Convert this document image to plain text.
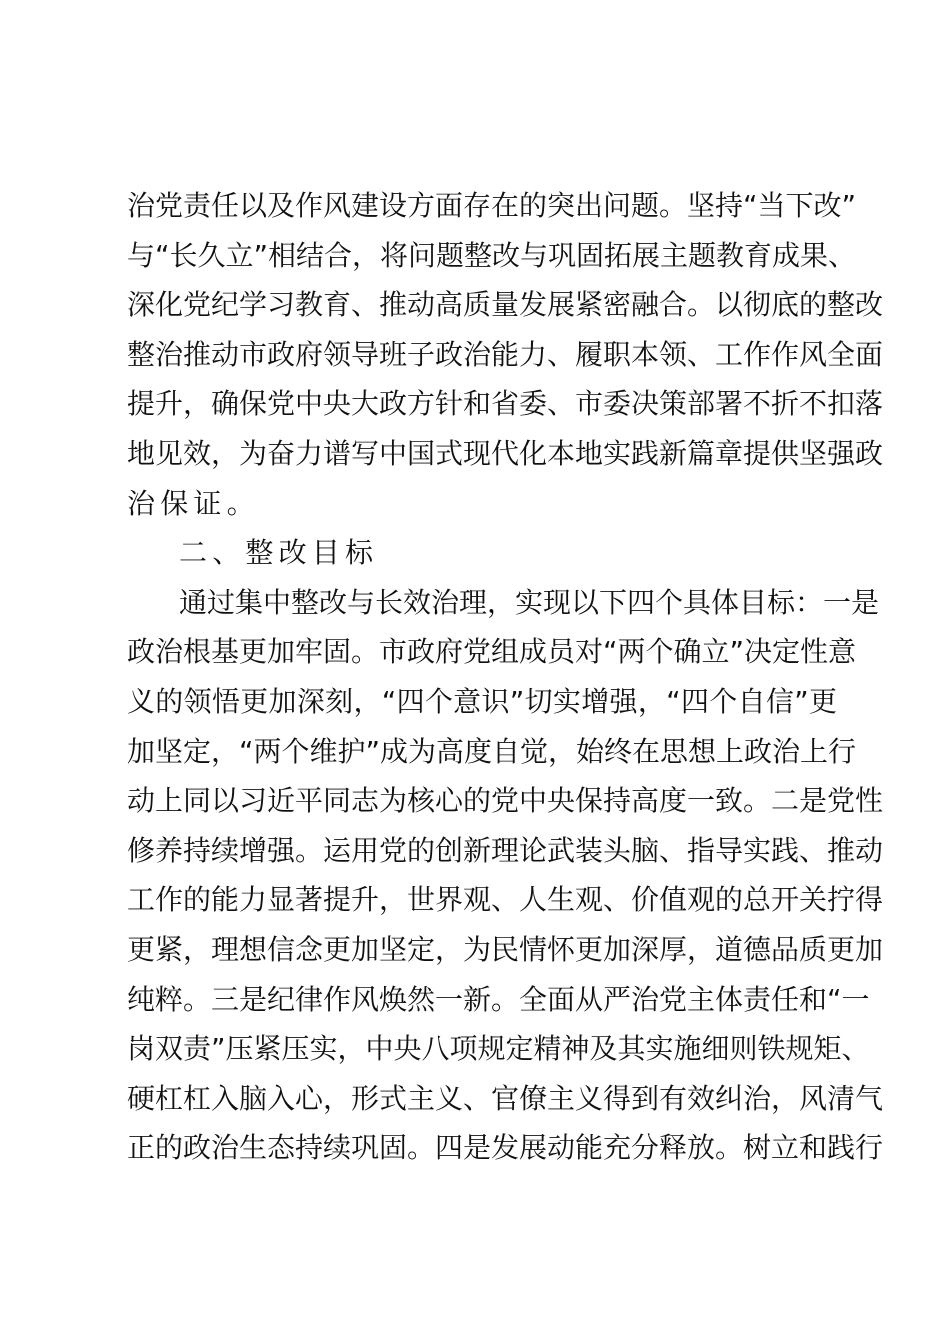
治党责任以及作风建设方面存在的突出问题。坚持“当下改”
与“长久立”相结合，将问题整改与巩固拓展主题教育成果、
深化党纪学习教育、推动高质量发展紧密融合。以彻底的整改
整治推动市政府领导班子政治能力、履职本领、工作作风全面
提升，确保党中央大政方针和省委、市委决策部署不折不扣落
地见效，为奋力谱写中国式现代化本地实践新篇章提供坚强政
治保证。
二、整改目标
通过集中整改与长效治理，实现以下四个具体目标：一是
政治根基更加牢固。市政府党组成员对“两个确立”决定性意
义的领悟更加深刻，“四个意识”切实增强，“四个自信”更
加坚定，“两个维护”成为高度自觉，始终在思想上政治上行
动上同以习近平同志为核心的党中央保持高度一致。二是党性
修养持续增强。运用党的创新理论武装头脑、指导实践、推动
工作的能力显著提升，世界观、人生观、价值观的总开关拧得
更紧，理想信念更加坚定，为民情怀更加深厚，道德品质更加
纯粹。三是纪律作风焕然一新。全面从严治党主体责任和“一
岗双责”压紧压实，中央八项规定精神及其实施细则铁规矩、
硬杠杠入脑入心，形式主义、官僚主义得到有效纠治，风清气
正的政治生态持续巩固。四是发展动能充分释放。树立和践行
